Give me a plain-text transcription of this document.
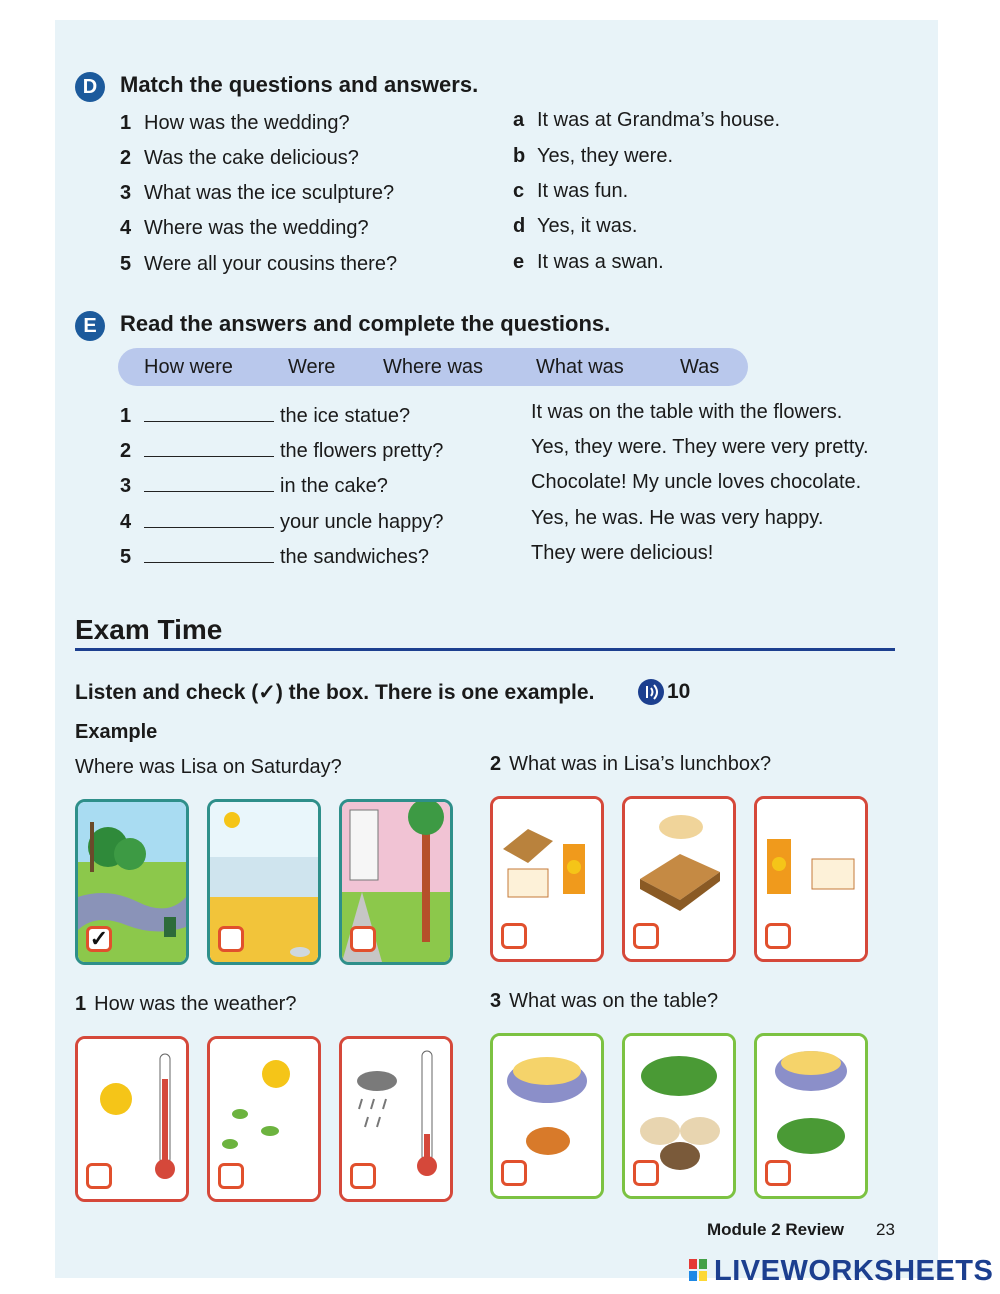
D	Match the questions and answers.
1 How was the wedding?
2 Was the cake delicious?
3 What was the ice sculpture?
4 Where was the wedding?
5 Were all your cousins there?
a It was at Grandma’s house.
b Yes, they were.
c It was fun.
d Yes, it was.
e It was a swan.
E	Read the answers and complete the questions.
How were	Were Where was	What was	Was
1	the ice statue?
2	the flowers pretty?
3	in the cake?
4	your uncle happy?
5	the sandwiches?
It was on the table with the flowers.
Yes, they were. They were very pretty.
Chocolate! My uncle loves chocolate.
Yes, he was. He was very happy.
They were delicious!
Exam Time
Listen and check (✓) the box. There is one example.	10
Example
Where was Lisa on Saturday?	2 What was in Lisa’s lunchbox?
1 How was the weather?	3 What was on the table?
✓
Module 2 Review 23
LIVEWORKSHEETS
